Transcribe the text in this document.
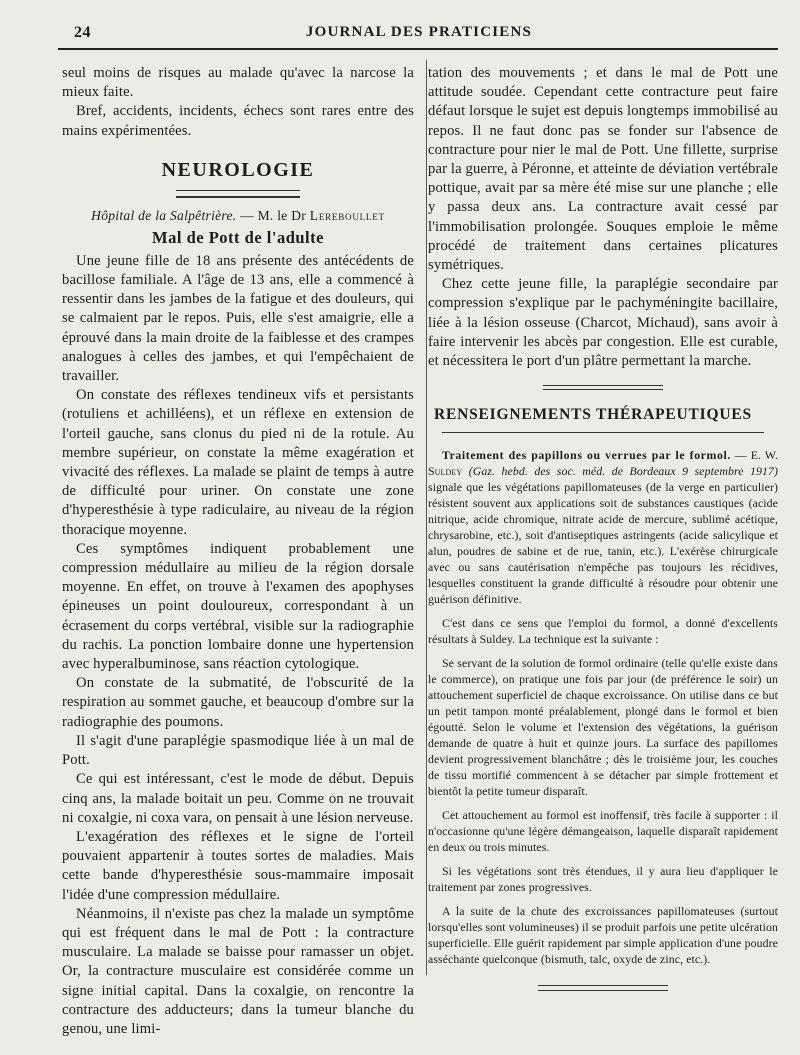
24	JOURNAL DES PRATICIENS

seul moins de risques au malade qu'avec la narcose la mieux faite.

Bref, accidents, incidents, échecs sont rares entre des mains expérimentées.

NEUROLOGIE
Hôpital de la Salpêtrière. — M. le Dr Lereboullet
Mal de Pott de l'adulte

Une jeune fille de 18 ans présente des antécédents de bacillose familiale. A l'âge de 13 ans, elle a commencé à ressentir dans les jambes de la fatigue et des douleurs, qui se calmaient par le repos. Puis, elle s'est amaigrie, elle a éprouvé dans la main droite de la faiblesse et des crampes analogues à celles des jambes, et qui l'empêchaient de travailler.

On constate des réflexes tendineux vifs et persistants (rotuliens et achilléens), et un réflexe en extension de l'orteil gauche, sans clonus du pied ni de la rotule. Au membre supérieur, on constate la même exagération et vivacité des réflexes. La malade se plaint de temps à autre de difficulté pour uriner. On constate une zone d'hyperesthésie à type radiculaire, au niveau de la région thoracique moyenne.

Ces symptômes indiquent probablement une compression médullaire au milieu de la région dorsale moyenne. En effet, on trouve à l'examen des apophyses épineuses un point douloureux, correspondant à un écrasement du corps vertébral, visible sur la radiographie du rachis. La ponction lombaire donne une hypertension avec hyperalbuminose, sans réaction cytologique.

On constate de la submatité, de l'obscurité de la respiration au sommet gauche, et beaucoup d'ombre sur la radiographie des poumons.

Il s'agit d'une paraplégie spasmodique liée à un mal de Pott.

Ce qui est intéressant, c'est le mode de début. Depuis cinq ans, la malade boitait un peu. Comme on ne trouvait ni coxalgie, ni coxa vara, on pensait à une lésion nerveuse.

L'exagération des réflexes et le signe de l'orteil pouvaient appartenir à toutes sortes de maladies. Mais cette bande d'hyperesthésie sous-mammaire imposait l'idée d'une compression médullaire.

Néanmoins, il n'existe pas chez la malade un symptôme qui est fréquent dans le mal de Pott : la contracture musculaire. La malade se baisse pour ramasser un objet. Or, la contracture musculaire est considérée comme un signe initial capital. Dans la coxalgie, on rencontre la contracture des adducteurs; dans la tumeur blanche du genou, une limi-

tation des mouvements ; et dans le mal de Pott une attitude soudée. Cependant cette contracture peut faire défaut lorsque le sujet est depuis longtemps immobilisé au repos. Il ne faut donc pas se fonder sur l'absence de contracture pour nier le mal de Pott. Une fillette, surprise par la guerre, à Péronne, et atteinte de déviation vertébrale pottique, avait par sa mère été mise sur une planche ; elle y passa deux ans. La contracture avait cessé par l'immobilisation prolongée. Souques emploie le même procédé de traitement dans certaines plicatures symétriques.

Chez cette jeune fille, la paraplégie secondaire par compression s'explique par le pachyméningite bacillaire, liée à la lésion osseuse (Charcot, Michaud), sans avoir à faire intervenir les abcès par congestion. Elle est curable, et nécessitera le port d'un plâtre permettant la marche.

RENSEIGNEMENTS THÉRAPEUTIQUES

Traitement des papillons ou verrues par le formol. — E. W. Suldey (Gaz. hebd. des soc. méd. de Bordeaux 9 septembre 1917) signale que les végétations papillomateuses (de la verge en particulier) résistent souvent aux applications soit de substances caustiques (acide nitrique, acide chromique, nitrate acide de mercure, sublimé acétique, chrysarobine, etc.), soit d'antiseptiques astringents (acide salicylique et alun, poudres de sabine et de rue, tanin, etc.). L'exérèse chirurgicale avec ou sans cautérisation n'empêche pas toujours les récidives, lesquelles constituent la grande difficulté à résoudre pour obtenir une guérison définitive.

C'est dans ce sens que l'emploi du formol, a donné d'excellents résultats à Suldey. La technique est la suivante :

Se servant de la solution de formol ordinaire (telle qu'elle existe dans le commerce), on pratique une fois par jour (de préférence le soir) un attouchement superficiel de chaque excroissance. On utilise dans ce but un petit tampon monté préalablement, plongé dans le formol et bien égoutté. Selon le volume et l'extension des végétations, la guérison demande de quatre à huit et quinze jours. La surface des papillomes devient progressivement blanchâtre ; dès le troisième jour, les couches de tissu mortifié commencent à se détacher par simple frottement et bientôt la petite tumeur disparaît.

Cet attouchement au formol est inoffensif, très facile à supporter : il n'occasionne qu'une légère démangeaison, laquelle disparaît rapidement en deux ou trois minutes.

Si les végétations sont très étendues, il y aura lieu d'appliquer le traitement par zones progressives.

A la suite de la chute des excroissances papillomateuses (surtout lorsqu'elles sont volumineuses) il se produit parfois une petite ulcération superficielle. Elle guérit rapidement par simple application d'une poudre asséchante quelconque (bismuth, talc, oxyde de zinc, etc.).
